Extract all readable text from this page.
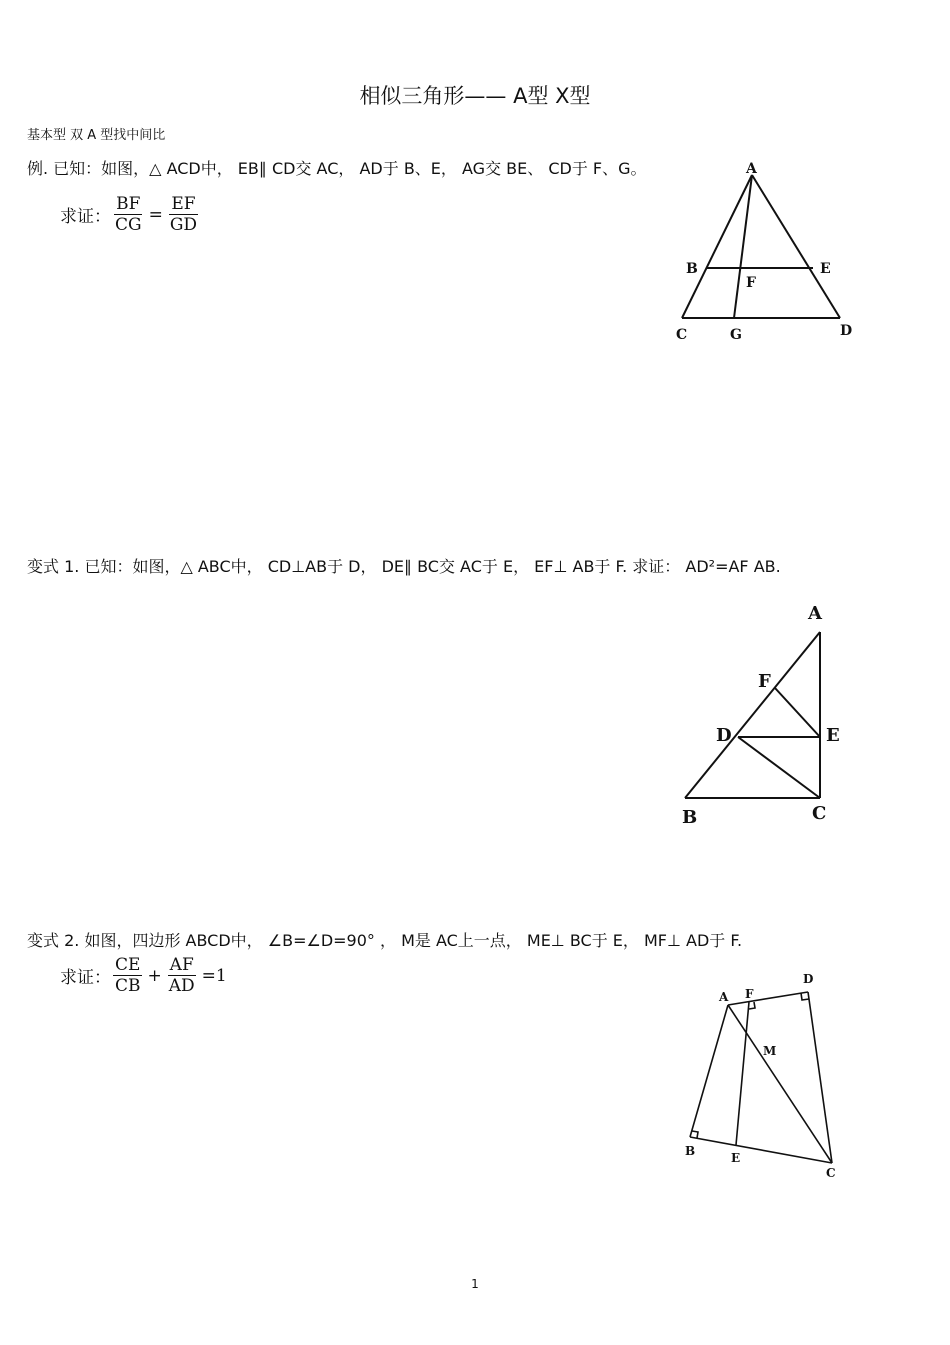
相似三角形—— A型 X型
基本型 双 A 型找中间比
例. 已知：如图，△ ACD中， EB∥ CD交 AC， AD于 B、E， AG交 BE、 CD于 F、G。
求证： $\frac{BF}{CG} = \frac{EF}{GD}$
A
B	E
F
C	G	D
变式 1. 已知：如图，△ ABC中， CD⊥AB于 D， DE∥ BC交 AC于 E， EF⊥ AB于 F. 求证： AD²=AF AB.
A
F
D	E
B	C
变式 2. 如图，四边形 ABCD中， ∠B=∠D=90° ， M是 AC上一点， ME⊥ BC于 E， MF⊥ AD于 F.
求证： $\frac{CE}{CB} + \frac{AF}{AD} =1$
A F
D
M
B	E
C
1
